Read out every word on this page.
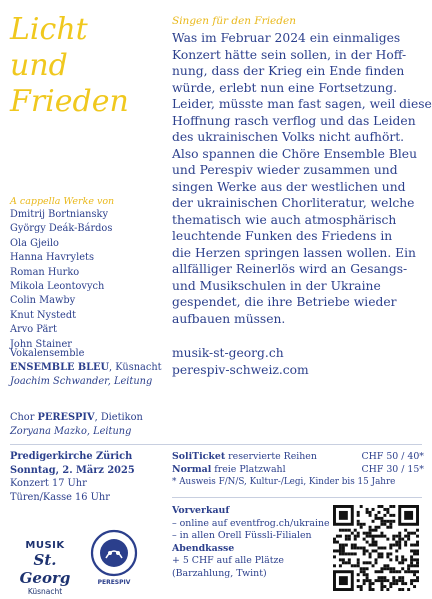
Licht
und
Frieden
Singen für den Frieden
Was im Februar 2024 ein einmaliges
Konzert hätte sein sollen, in der Hoff-
nung, dass der Krieg ein Ende finden
würde, erlebt nun eine Fortsetzung.
Leider, müsste man fast sagen, weil diese
Hoffnung rasch verflog und das Leiden
des ukrainischen Volks nicht aufhört.
Also spannen die Chöre Ensemble Bleu
und Perespiv wieder zusammen und
singen Werke aus der westlichen und
der ukrainischen Chorliteratur, welche
thematisch wie auch atmosphärisch
leuchtende Funken des Friedens in
die Herzen springen lassen wollen. Ein
allfälliger Reinerlös wird an Gesangs-
und Musikschulen in der Ukraine
gespendet, die ihre Betriebe wieder
aufbauen müssen.
musik-st-georg.ch
perespiv-schweiz.com
A cappella Werke von
Dmitrij Bortniansky
György Deák-Bárdos
Ola Gjeilo
Hanna Havrylets
Roman Hurko
Mikola Leontovych
Colin Mawby
Knut Nystedt
Arvo Pärt
John Stainer
Vokalensemble
ENSEMBLE BLEU, Küsnacht
Joachim Schwander, Leitung
Chor PERESPIV, Dietikon
Zoryana Mazko, Leitung
Predigerkirche Zürich
Sonntag, 2. März 2025
Konzert 17 Uhr
Türen/Kasse 16 Uhr
SoliTicket reservierte Reihen	CHF 50 / 40*
Normal freie Platzwahl	CHF 30 / 15*
* Ausweis F/N/S, Kultur-/Legi, Kinder bis 15 Jahre
Vorverkauf
– online auf eventfrog.ch/ukraine
– in allen Orell Füssli-Filialen
Abendkasse
+ 5 CHF auf alle Plätze
(Barzahlung, Twint)
MUSIK
St. Georg
Küsnacht
PERESPIV
